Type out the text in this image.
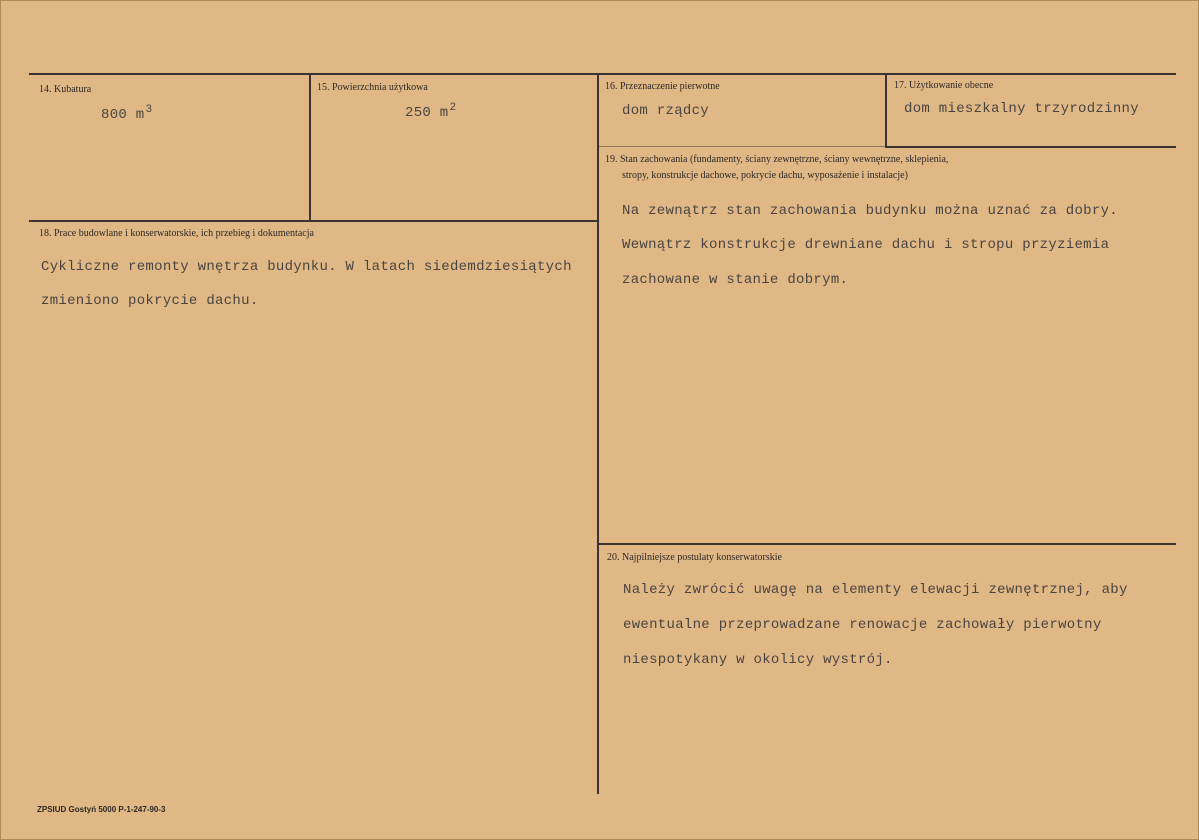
14. Kubatura
800 $m^3$
15. Powierzchnia użytkowa
250 $m^2$
16. Przeznaczenie pierwotne
dom rządcy
17. Użytkowanie obecne
dom mieszkalny trzyrodzinny
18. Prace budowlane i konserwatorskie, ich przebieg i dokumentacja
Cykliczne remonty wnętrza budynku. W latach siedemdziesiątych
zmieniono pokrycie dachu.
19. Stan zachowania (fundamenty, ściany zewnętrzne, ściany wewnętrzne, sklepienia,
stropy, konstrukcje dachowe, pokrycie dachu, wyposażenie i instalacje)
Na zewnątrz stan zachowania budynku można uznać za dobry.
Wewnątrz konstrukcje drewniane dachu i stropu przyziemia
zachowane w stanie dobrym.
20. Najpilniejsze postulaty konserwatorskie
Należy zwrócić uwagę na elementy elewacji zewnętrznej, aby
ewentualne przeprowadzane renowacje zachowały pierwotny
niespotykany w okolicy wystrój.
ZPSIUD Gostyń 5000 P-1-247-90-3
